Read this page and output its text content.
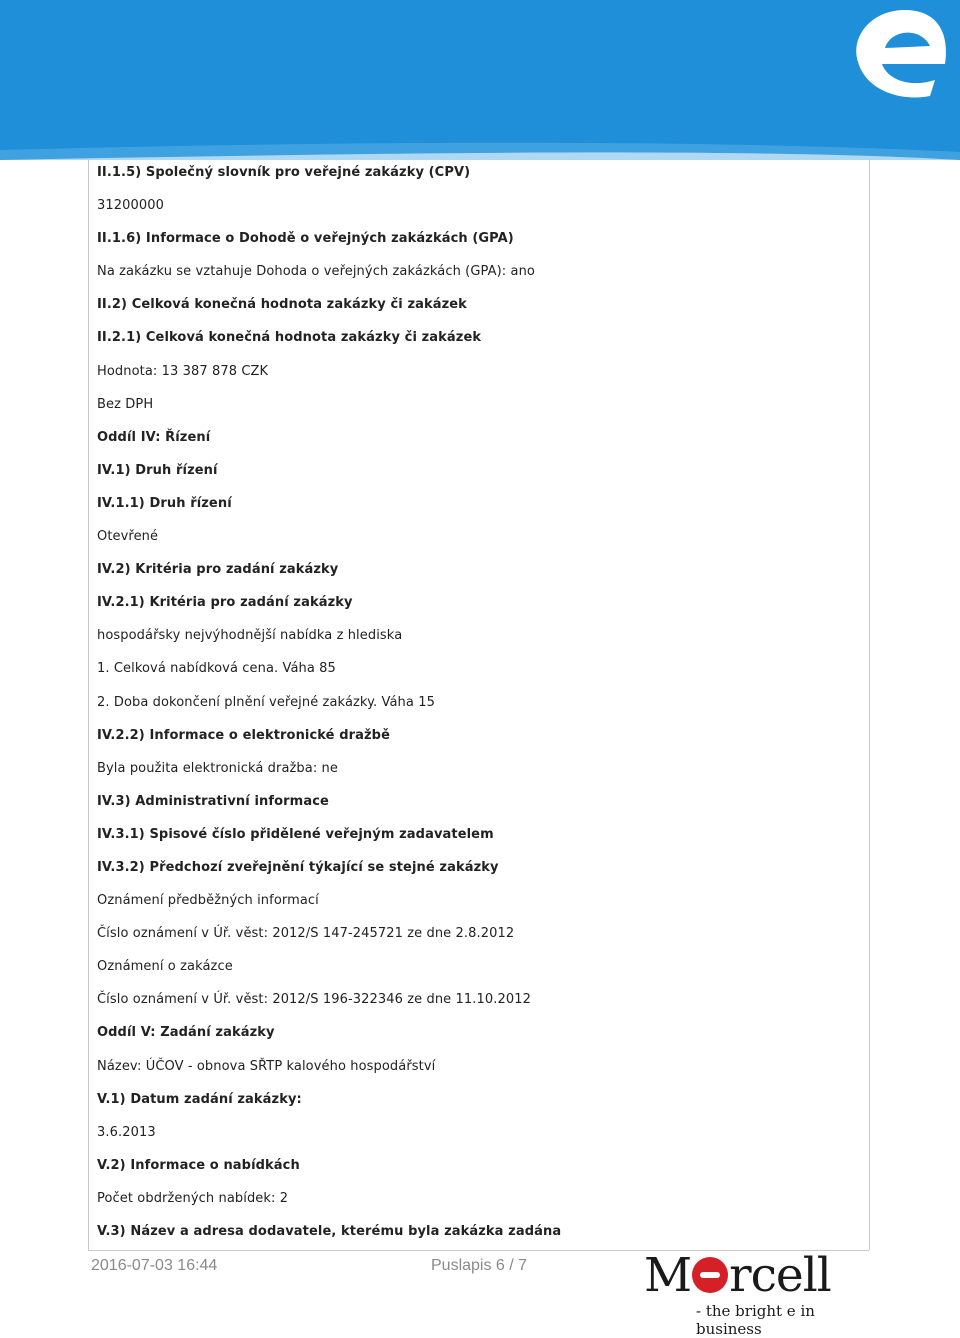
II.1.5) Společný slovník pro veřejné zakázky (CPV)
31200000
II.1.6) Informace o Dohodě o veřejných zakázkách (GPA)
Na zakázku se vztahuje Dohoda o veřejných zakázkách (GPA): ano
II.2) Celková konečná hodnota zakázky či zakázek
II.2.1) Celková konečná hodnota zakázky či zakázek
Hodnota: 13 387 878 CZK
Bez DPH
Oddíl IV: Řízení
IV.1) Druh řízení
IV.1.1) Druh řízení
Otevřené
IV.2) Kritéria pro zadání zakázky
IV.2.1) Kritéria pro zadání zakázky
hospodářsky nejvýhodnější nabídka z hlediska
1. Celková nabídková cena. Váha 85
2. Doba dokončení plnění veřejné zakázky. Váha 15
IV.2.2) Informace o elektronické dražbě
Byla použita elektronická dražba: ne
IV.3) Administrativní informace
IV.3.1) Spisové číslo přidělené veřejným zadavatelem
IV.3.2) Předchozí zveřejnění týkající se stejné zakázky
Oznámení předběžných informací
Číslo oznámení v Úř. věst: 2012/S 147-245721 ze dne 2.8.2012
Oznámení o zakázce
Číslo oznámení v Úř. věst: 2012/S 196-322346 ze dne 11.10.2012
Oddíl V: Zadání zakázky
Název: ÚČOV - obnova SŘTP kalového hospodářství
V.1) Datum zadání zakázky:
3.6.2013
V.2) Informace o nabídkách
Počet obdržených nabídek: 2
V.3) Název a adresa dodavatele, kterému byla zakázka zadána
2016-07-03 16:44	Puslapis 6 / 7 M rcell
- the bright e in business
